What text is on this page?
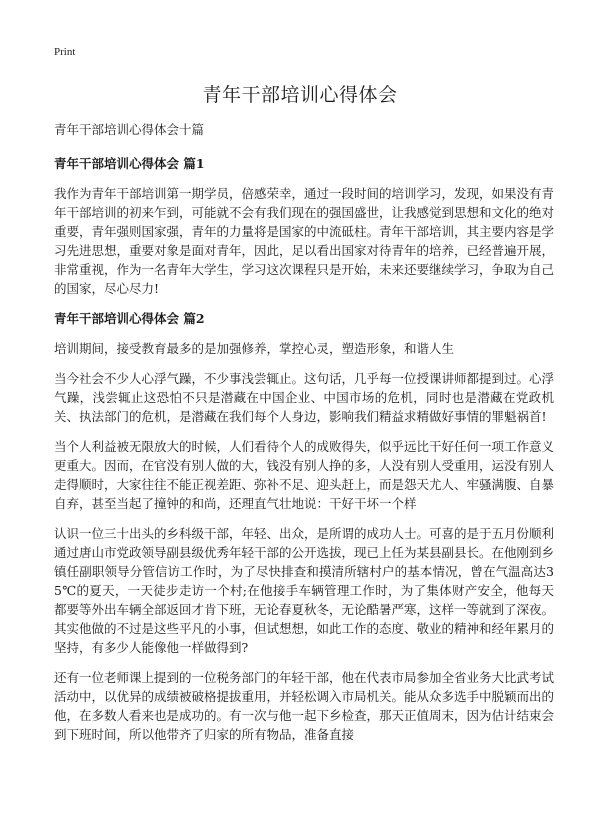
Print
青年干部培训心得体会

青年干部培训心得体会十篇

青年干部培训心得体会 篇1

我作为青年干部培训第一期学员，倍感荣幸，通过一段时间的培训学习，发现，如果没有青年干部培训的初来乍到，可能就不会有我们现在的强国盛世，让我感觉到思想和文化的绝对重要，青年强则国家强，青年的力量将是国家的中流砥柱。青年干部培训，其主要内容是学习先进思想，重要对象是面对青年，因此，足以看出国家对待青年的培养，已经普遍开展，非常重视，作为一名青年大学生，学习这次课程只是开始，未来还要继续学习，争取为自己的国家，尽心尽力!

青年干部培训心得体会 篇2

培训期间，接受教育最多的是加强修养，掌控心灵，塑造形象，和谐人生

当今社会不少人心浮气躁，不少事浅尝辄止。这句话，几乎每一位授课讲师都提到过。心浮气躁，浅尝辄止这恐怕不只是潜藏在中国企业、中国市场的危机，同时也是潜藏在党政机关、执法部门的危机，是潜藏在我们每个人身边，影响我们精益求精做好事情的罪魁祸首!

当个人利益被无限放大的时候，人们看待个人的成败得失，似乎远比干好任何一项工作意义更重大。因而，在官没有别人做的大，钱没有别人挣的多，人没有别人受重用，运没有别人走得顺时，大家往往不能正视差距、弥补不足、迎头赶上，而是怨天尤人、牢骚满腹、自暴自弃，甚至当起了撞钟的和尚，还理直气壮地说：干好干坏一个样

认识一位三十出头的乡科级干部，年轻、出众，是所谓的成功人士。可喜的是于五月份顺利通过唐山市党政领导副县级优秀年轻干部的公开选拔，现已上任为某县副县长。在他刚到乡镇任副职领导分管信访工作时，为了尽快排查和摸清所辖村户的基本情况，曾在气温高达35℃的夏天，一天徒步走访一个村;在他接手车辆管理工作时，为了集体财产安全，他每天都要等外出车辆全部返回才肯下班，无论春夏秋冬，无论酷暑严寒，这样一等就到了深夜。其实他做的不过是这些平凡的小事，但试想想，如此工作的态度、敬业的精神和经年累月的坚持，有多少人能像他一样做得到?

还有一位老师课上提到的一位税务部门的年轻干部，他在代表市局参加全省业务大比武考试活动中，以优异的成绩被破格提拔重用，并轻松调入市局机关。能从众多选手中脱颖而出的他，在多数人看来也是成功的。有一次与他一起下乡检查，那天正值周末，因为估计结束会到下班时间，所以他带齐了归家的所有物品，准备直接
